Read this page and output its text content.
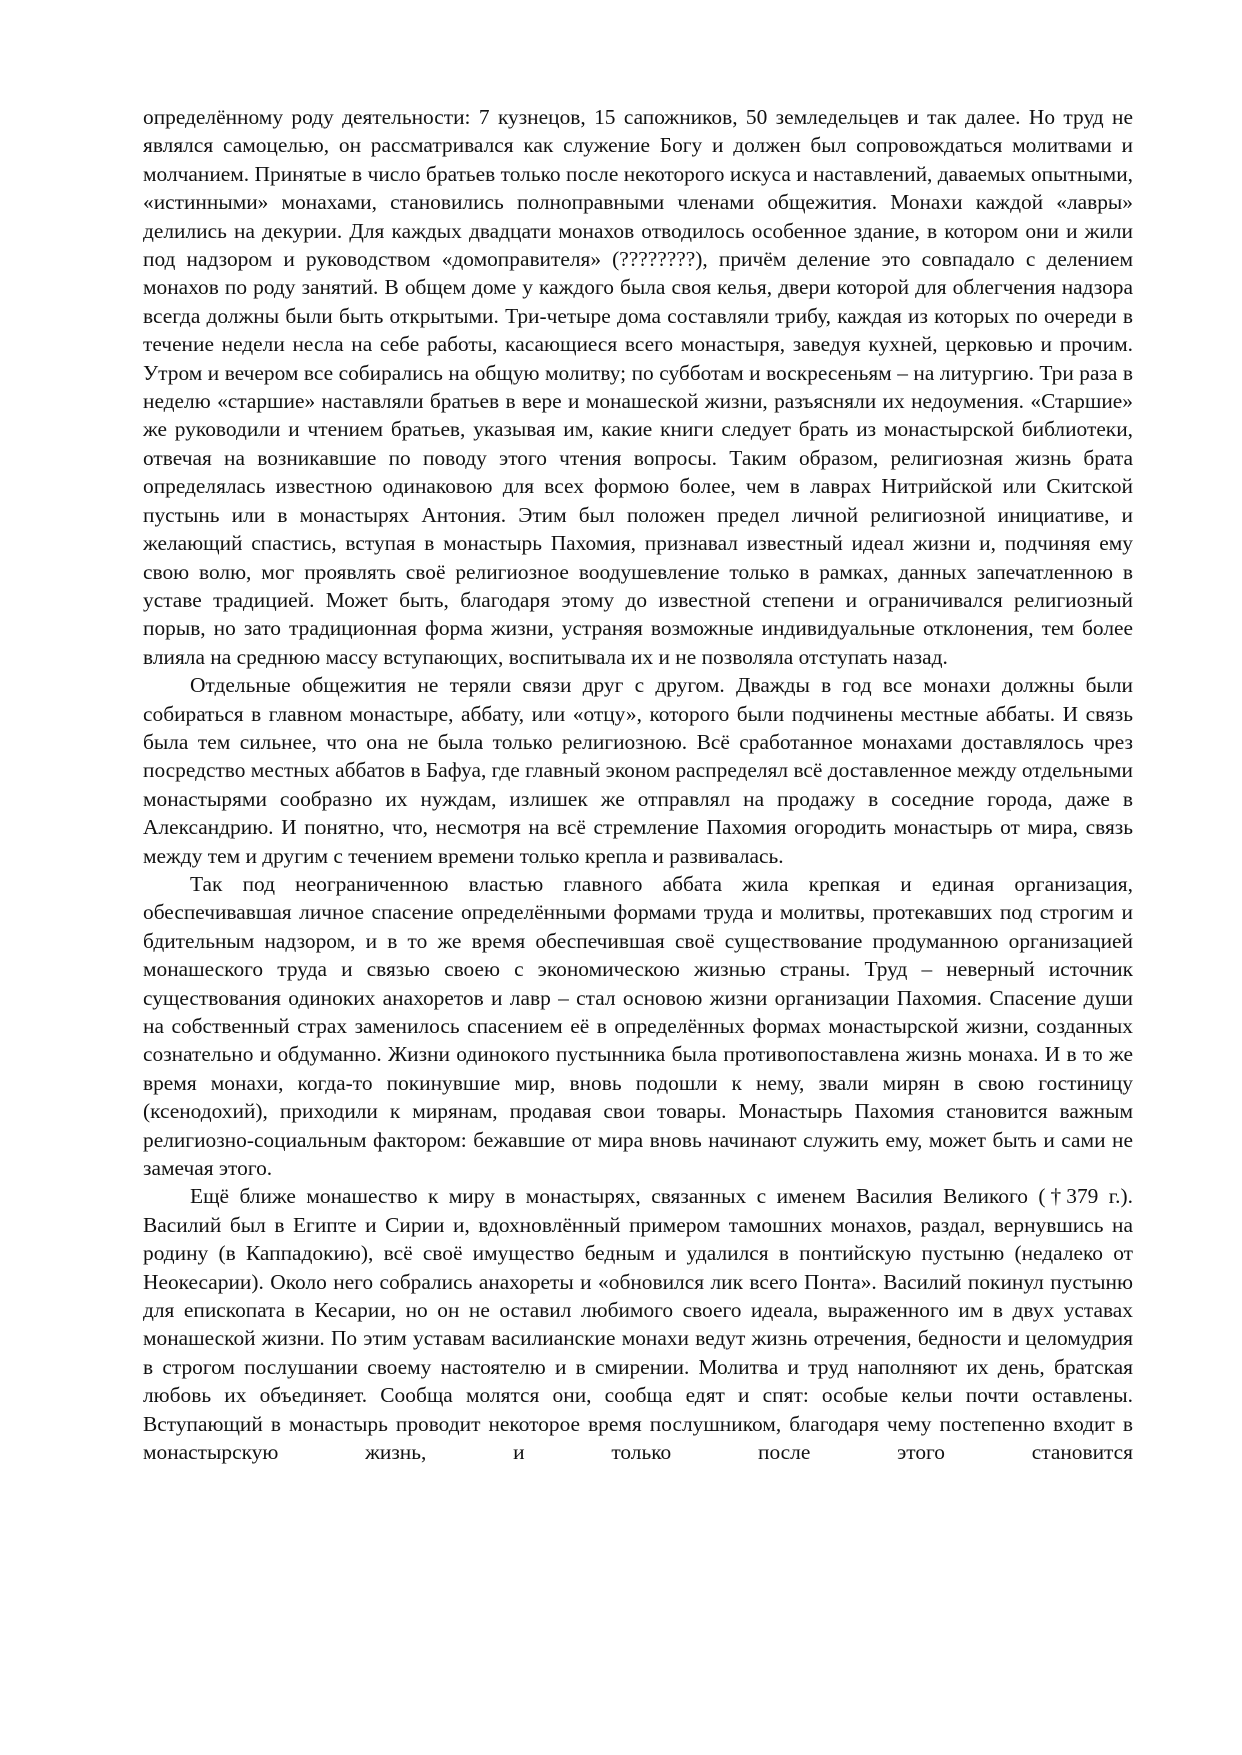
определённому роду деятельности: 7 кузнецов, 15 сапожников, 50 земледельцев и так далее. Но труд не являлся самоцелью, он рассматривался как служение Богу и должен был сопровождаться молитвами и молчанием. Принятые в число братьев только после некоторого искуса и наставлений, даваемых опытными, «истинными» монахами, становились полноправными членами общежития. Монахи каждой «лавры» делились на декурии. Для каждых двадцати монахов отводилось особенное здание, в котором они и жили под надзором и руководством «домоправителя» (????????), причём деление это совпадало с делением монахов по роду занятий. В общем доме у каждого была своя келья, двери которой для облегчения надзора всегда должны были быть открытыми. Три-четыре дома составляли трибу, каждая из которых по очереди в течение недели несла на себе работы, касающиеся всего монастыря, заведуя кухней, церковью и прочим. Утром и вечером все собирались на общую молитву; по субботам и воскресеньям – на литургию. Три раза в неделю «старшие» наставляли братьев в вере и монашеской жизни, разъясняли их недоумения. «Старшие» же руководили и чтением братьев, указывая им, какие книги следует брать из монастырской библиотеки, отвечая на возникавшие по поводу этого чтения вопросы. Таким образом, религиозная жизнь брата определялась известною одинаковою для всех формою более, чем в лаврах Нитрийской или Скитской пустынь или в монастырях Антония. Этим был положен предел личной религиозной инициативе, и желающий спастись, вступая в монастырь Пахомия, признавал известный идеал жизни и, подчиняя ему свою волю, мог проявлять своё религиозное воодушевление только в рамках, данных запечатленною в уставе традицией. Может быть, благодаря этому до известной степени и ограничивался религиозный порыв, но зато традиционная форма жизни, устраняя возможные индивидуальные отклонения, тем более влияла на среднюю массу вступающих, воспитывала их и не позволяла отступать назад.

Отдельные общежития не теряли связи друг с другом. Дважды в год все монахи должны были собираться в главном монастыре, аббату, или «отцу», которого были подчинены местные аббаты. И связь была тем сильнее, что она не была только религиозною. Всё сработанное монахами доставлялось чрез посредство местных аббатов в Бафуа, где главный эконом распределял всё доставленное между отдельными монастырями сообразно их нуждам, излишек же отправлял на продажу в соседние города, даже в Александрию. И понятно, что, несмотря на всё стремление Пахомия огородить монастырь от мира, связь между тем и другим с течением времени только крепла и развивалась.

Так под неограниченною властью главного аббата жила крепкая и единая организация, обеспечивавшая личное спасение определёнными формами труда и молитвы, протекавших под строгим и бдительным надзором, и в то же время обеспечившая своё существование продуманною организацией монашеского труда и связью своею с экономическою жизнью страны. Труд – неверный источник существования одиноких анахоретов и лавр – стал основою жизни организации Пахомия. Спасение души на собственный страх заменилось спасением её в определённых формах монастырской жизни, созданных сознательно и обдуманно. Жизни одинокого пустынника была противопоставлена жизнь монаха. И в то же время монахи, когда-то покинувшие мир, вновь подошли к нему, звали мирян в свою гостиницу (ксенодохий), приходили к мирянам, продавая свои товары. Монастырь Пахомия становится важным религиозно-социальным фактором: бежавшие от мира вновь начинают служить ему, может быть и сами не замечая этого.

Ещё ближе монашество к миру в монастырях, связанных с именем Василия Великого (†379 г.). Василий был в Египте и Сирии и, вдохновлённый примером тамошних монахов, раздал, вернувшись на родину (в Каппадокию), всё своё имущество бедным и удалился в понтийскую пустыню (недалеко от Неокесарии). Около него собрались анахореты и «обновился лик всего Понта». Василий покинул пустыню для епископата в Кесарии, но он не оставил любимого своего идеала, выраженного им в двух уставах монашеской жизни. По этим уставам василианские монахи ведут жизнь отречения, бедности и целомудрия в строгом послушании своему настоятелю и в смирении. Молитва и труд наполняют их день, братская любовь их объединяет. Сообща молятся они, сообща едят и спят: особые кельи почти оставлены. Вступающий в монастырь проводит некоторое время послушником, благодаря чему постепенно входит в монастырскую жизнь, и только после этого становится
